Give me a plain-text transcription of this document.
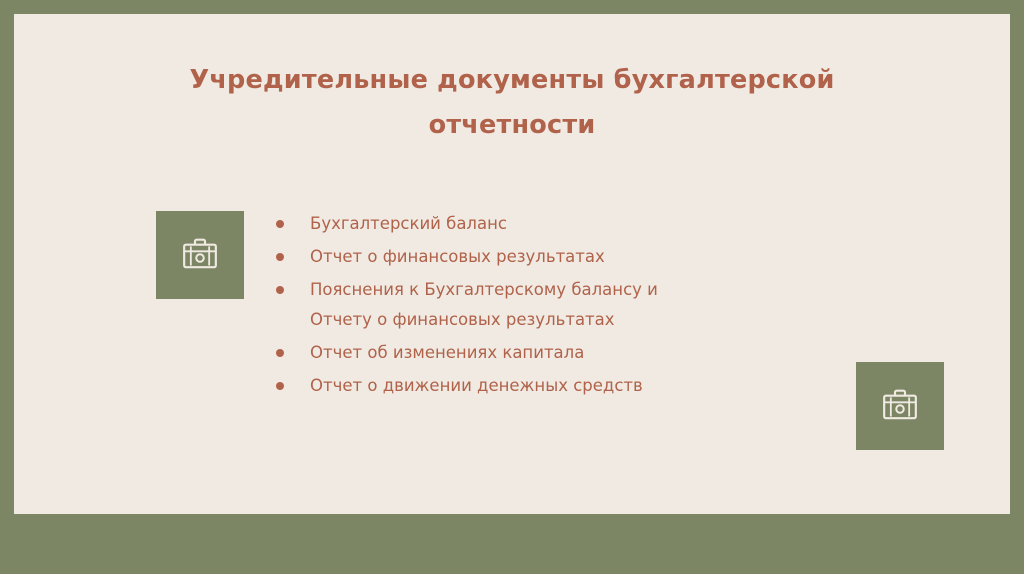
Учредительные документы бухгалтерской отчетности
Бухгалтерский баланс
Отчет о финансовых результатах
Пояснения к Бухгалтерскому балансу и
Отчету о финансовых результатах
Отчет об изменениях капитала
Отчет о движении денежных средств
